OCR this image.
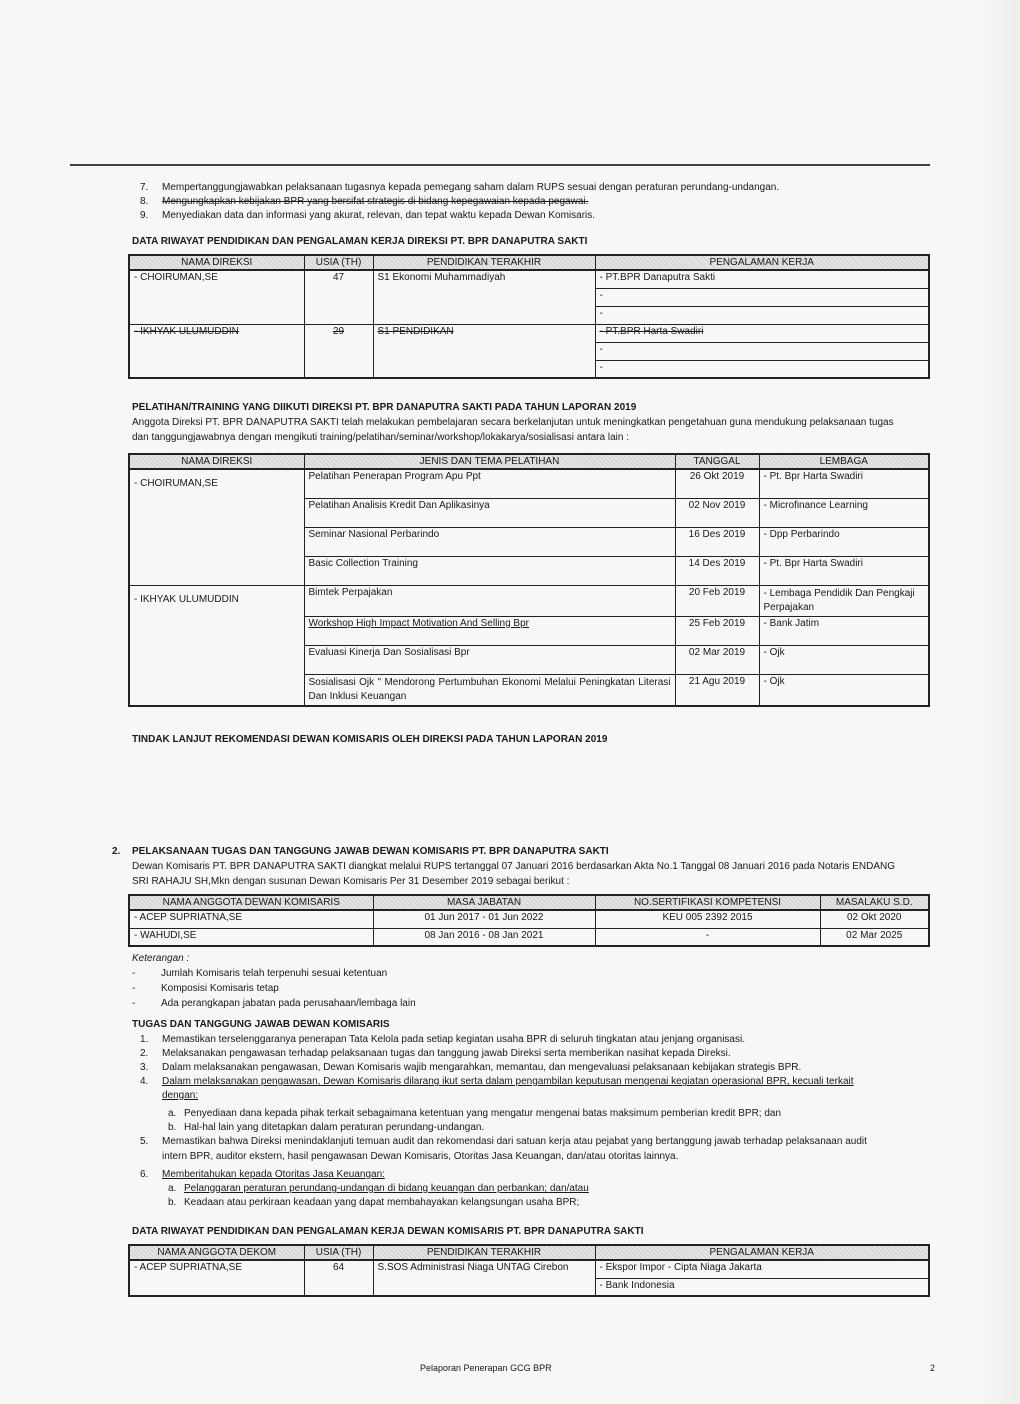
7. Mempertanggungjawabkan pelaksanaan tugasnya kepada pemegang saham dalam RUPS sesuai dengan peraturan perundang-undangan.
8. Mengungkapkan kebijakan BPR yang bersifat strategis di bidang kepegawaian kepada pegawai.
9. Menyediakan data dan informasi yang akurat, relevan, dan tepat waktu kepada Dewan Komisaris.
DATA RIWAYAT PENDIDIKAN DAN PENGALAMAN KERJA DIREKSI PT. BPR DANAPUTRA SAKTI
NAMA DIREKSI	USIA (TH)	PENDIDIKAN TERAKHIR	PENGALAMAN KERJA
- CHOIRUMAN,SE	47	S1 Ekonomi Muhammadiyah	- PT.BPR Danaputra Sakti
			-
			-
- IKHYAK ULUMUDDIN	29	S1 PENDIDIKAN	- PT.BPR Harta Swadiri
			-
			-
PELATIHAN/TRAINING YANG DIIKUTI DIREKSI PT. BPR DANAPUTRA SAKTI PADA TAHUN LAPORAN 2019
Anggota Direksi PT. BPR DANAPUTRA SAKTI telah melakukan pembelajaran secara berkelanjutan untuk meningkatkan pengetahuan guna mendukung pelaksanaan tugas
dan tanggungjawabnya dengan mengikuti training/pelatihan/seminar/workshop/lokakarya/sosialisasi antara lain :
NAMA DIREKSI	JENIS DAN TEMA PELATIHAN	TANGGAL	LEMBAGA
- CHOIRUMAN,SE	Pelatihan Penerapan Program Apu Ppt	26 Okt 2019	- Pt. Bpr Harta Swadiri
	Pelatihan Analisis Kredit Dan Aplikasinya	02 Nov 2019	- Microfinance Learning
	Seminar Nasional Perbarindo	16 Des 2019	- Dpp Perbarindo
	Basic Collection Training	14 Des 2019	- Pt. Bpr Harta Swadiri
- IKHYAK ULUMUDDIN	Bimtek Perpajakan	20 Feb 2019	- Lembaga Pendidik Dan Pengkaji Perpajakan
	Workshop High Impact Motivation And Selling Bpr	25 Feb 2019	- Bank Jatim
	Evaluasi Kinerja Dan Sosialisasi Bpr	02 Mar 2019	- Ojk
	Sosialisasi Ojk " Mendorong Pertumbuhan Ekonomi Melalui Peningkatan Literasi Dan Inklusi Keuangan	21 Agu 2019	- Ojk
TINDAK LANJUT REKOMENDASI DEWAN KOMISARIS OLEH DIREKSI PADA TAHUN LAPORAN 2019
2. PELAKSANAAN TUGAS DAN TANGGUNG JAWAB DEWAN KOMISARIS PT. BPR DANAPUTRA SAKTI
Dewan Komisaris PT. BPR DANAPUTRA SAKTI diangkat melalui RUPS tertanggal 07 Januari 2016 berdasarkan Akta No.1 Tanggal 08 Januari 2016 pada Notaris ENDANG
SRI RAHAJU SH,Mkn dengan susunan Dewan Komisaris Per 31 Desember 2019 sebagai berikut :
NAMA ANGGOTA DEWAN KOMISARIS	MASA JABATAN	NO.SERTIFIKASI KOMPETENSI	MASALAKU S.D.
- ACEP SUPRIATNA,SE	01 Jun 2017 - 01 Jun 2022	KEU 005 2392 2015	02 Okt 2020
- WAHUDI,SE	08 Jan 2016 - 08 Jan 2021	-	02 Mar 2025
Keterangan :
-	Jumlah Komisaris telah terpenuhi sesuai ketentuan
-	Komposisi Komisaris tetap
-	Ada perangkapan jabatan pada perusahaan/lembaga lain
TUGAS DAN TANGGUNG JAWAB DEWAN KOMISARIS
1. Memastikan terselenggaranya penerapan Tata Kelola pada setiap kegiatan usaha BPR di seluruh tingkatan atau jenjang organisasi.
2. Melaksanakan pengawasan terhadap pelaksanaan tugas dan tanggung jawab Direksi serta memberikan nasihat kepada Direksi.
3. Dalam melaksanakan pengawasan, Dewan Komisaris wajib mengarahkan, memantau, dan mengevaluasi pelaksanaan kebijakan strategis BPR.
4. Dalam melaksanakan pengawasan, Dewan Komisaris dilarang ikut serta dalam pengambilan keputusan mengenai kegiatan operasional BPR, kecuali terkait
dengan:
a. Penyediaan dana kepada pihak terkait sebagaimana ketentuan yang mengatur mengenai batas maksimum pemberian kredit BPR; dan
b. Hal-hal lain yang ditetapkan dalam peraturan perundang-undangan.
5. Memastikan bahwa Direksi menindaklanjuti temuan audit dan rekomendasi dari satuan kerja atau pejabat yang bertanggung jawab terhadap pelaksanaan audit
intern BPR, auditor ekstern, hasil pengawasan Dewan Komisaris, Otoritas Jasa Keuangan, dan/atau otoritas lainnya.
6. Memberitahukan kepada Otoritas Jasa Keuangan:
a. Pelanggaran peraturan perundang-undangan di bidang keuangan dan perbankan; dan/atau
b. Keadaan atau perkiraan keadaan yang dapat membahayakan kelangsungan usaha BPR;
DATA RIWAYAT PENDIDIKAN DAN PENGALAMAN KERJA DEWAN KOMISARIS PT. BPR DANAPUTRA SAKTI
NAMA ANGGOTA DEKOM	USIA (TH)	PENDIDIKAN TERAKHIR	PENGALAMAN KERJA
- ACEP SUPRIATNA,SE	64	S.SOS Administrasi Niaga UNTAG Cirebon	- Ekspor Impor - Cipta Niaga Jakarta
			- Bank Indonesia
Pelaporan Penerapan GCG BPR	2
